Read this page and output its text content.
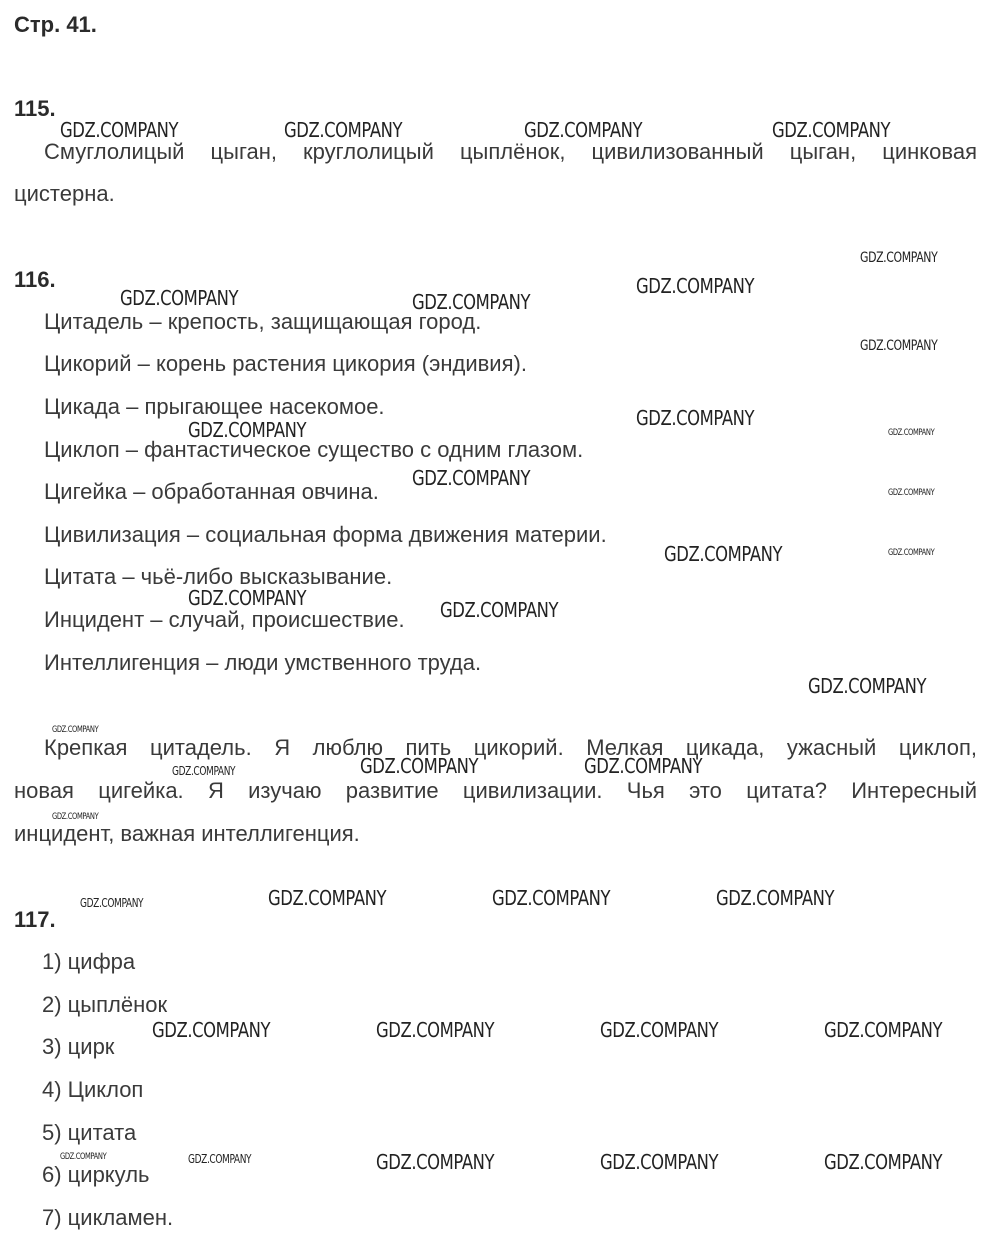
Стр. 41.
115.
Смуглолицый цыган, круглолицый цыплёнок, цивилизованный цыган, цинковая
цистерна.
116.
Цитадель – крепость, защищающая город.
Цикорий – корень растения цикория (эндивия).
Цикада – прыгающее насекомое.
Циклоп – фантастическое существо с одним глазом.
Цигейка – обработанная овчина.
Цивилизация – социальная форма движения материи.
Цитата – чьё-либо высказывание.
Инцидент – случай, происшествие.
Интеллигенция – люди умственного труда.
Крепкая цитадель. Я люблю пить цикорий. Мелкая цикада, ужасный циклоп,
новая цигейка. Я изучаю развитие цивилизации. Чья это цитата? Интересный
инцидент, важная интеллигенция.
117.
1) цифра
2) цыплёнок
3) цирк
4) Циклоп
5) цитата
6) циркуль
7) цикламен.
GDZ.COMPANY	GDZ.COMPANY	GDZ.COMPANY	GDZ.COMPANY
GDZ.COMPANY
GDZ.COMPANY
GDZ.COMPANY	GDZ.COMPANY
GDZ.COMPANY
GDZ.COMPANY
GDZ.COMPANY	GDZ.COMPANY
GDZ.COMPANY
GDZ.COMPANY
GDZ.COMPANY	GDZ.COMPANY
GDZ.COMPANY	GDZ.COMPANY
GDZ.COMPANY
GDZ.COMPANY
GDZ.COMPANY	GDZ.COMPANY
GDZ.COMPANY
GDZ.COMPANY
GDZ.COMPANY	GDZ.COMPANY	GDZ.COMPANY
GDZ.COMPANY
GDZ.COMPANY	GDZ.COMPANY	GDZ.COMPANY	GDZ.COMPANY
GDZ.COMPANY	GDZ.COMPANY	GDZ.COMPANY	GDZ.COMPANY	GDZ.COMPANY
